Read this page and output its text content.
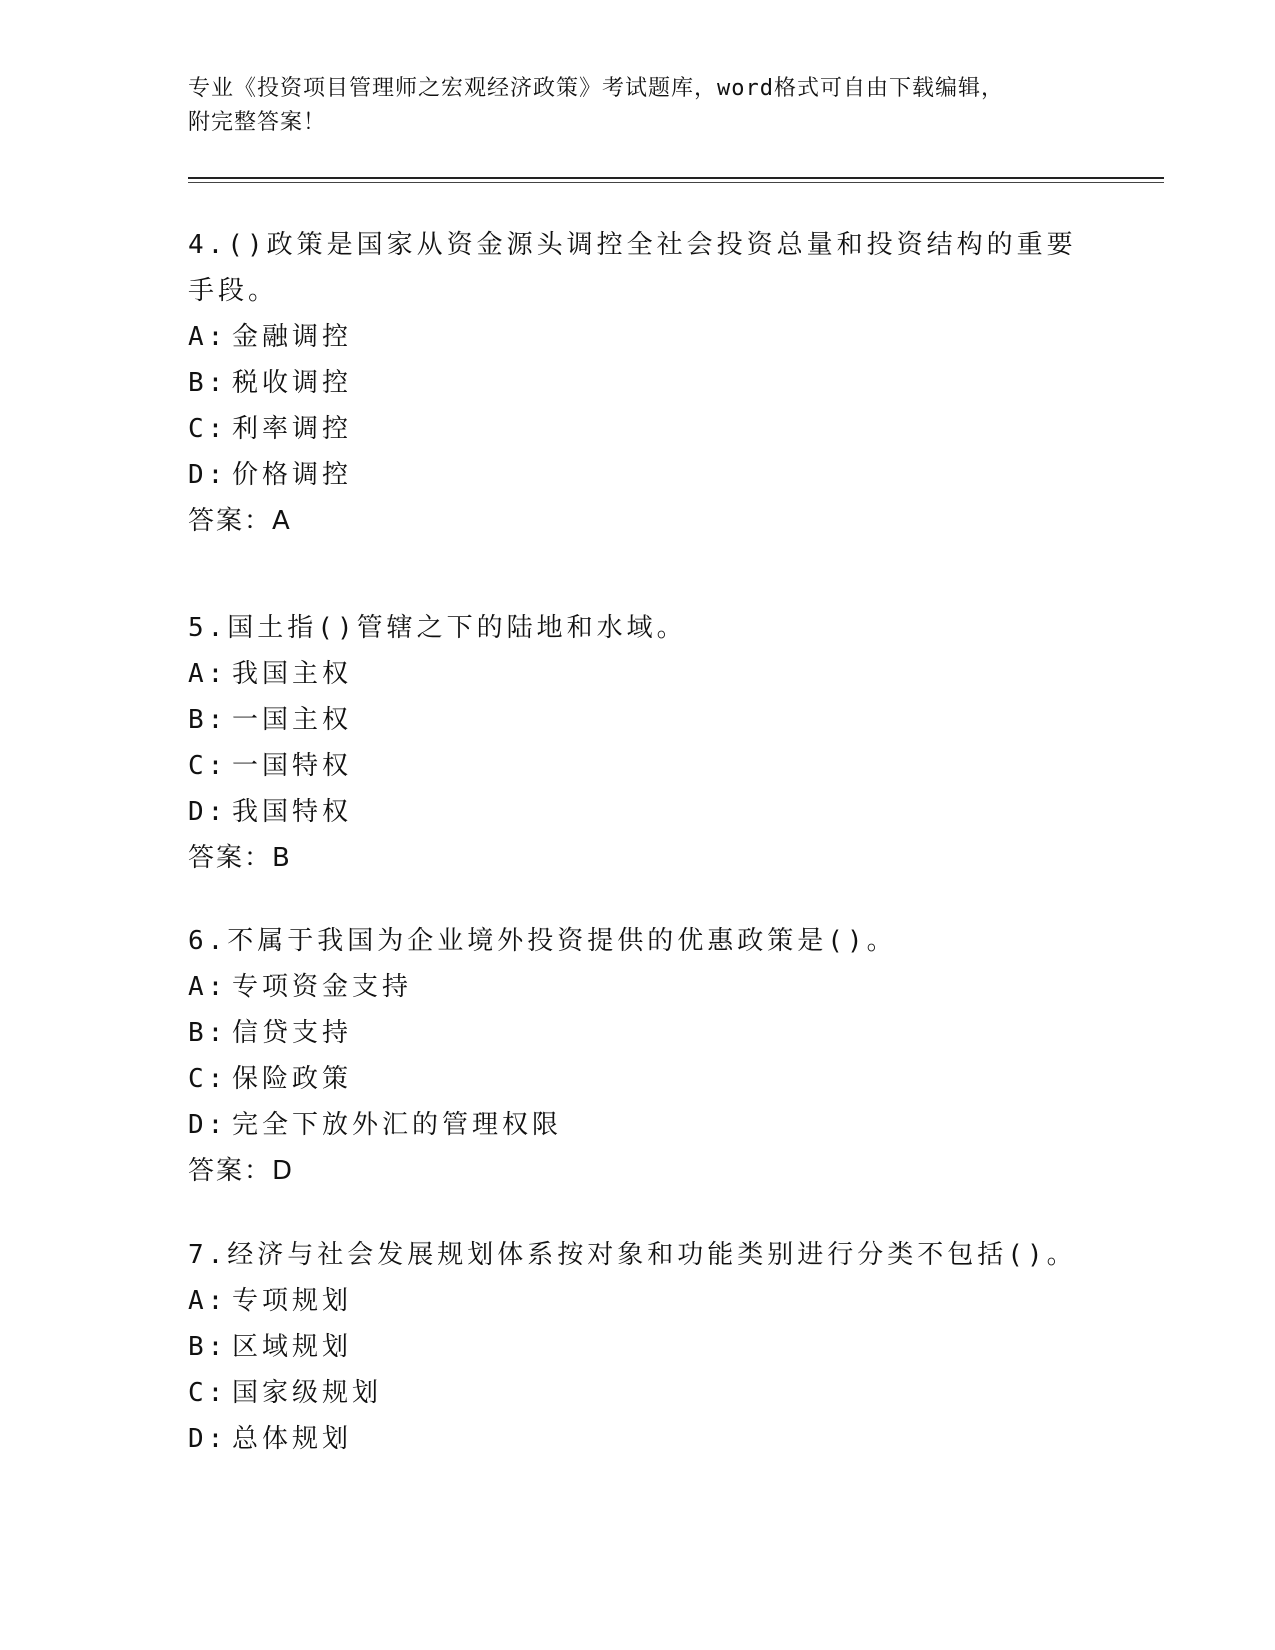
专业《投资项目管理师之宏观经济政策》考试题库，word格式可自由下载编辑，
附完整答案！

4.()政策是国家从资金源头调控全社会投资总量和投资结构的重要手段。

A: 金融调控

B: 税收调控

C: 利率调控

D: 价格调控

答案：A

5.国土指()管辖之下的陆地和水域。

A: 我国主权

B: 一国主权

C: 一国特权

D: 我国特权

答案：B

6.不属于我国为企业境外投资提供的优惠政策是()。

A: 专项资金支持

B: 信贷支持

C: 保险政策

D: 完全下放外汇的管理权限

答案：D

7.经济与社会发展规划体系按对象和功能类别进行分类不包括()。

A: 专项规划

B: 区域规划

C: 国家级规划

D: 总体规划
